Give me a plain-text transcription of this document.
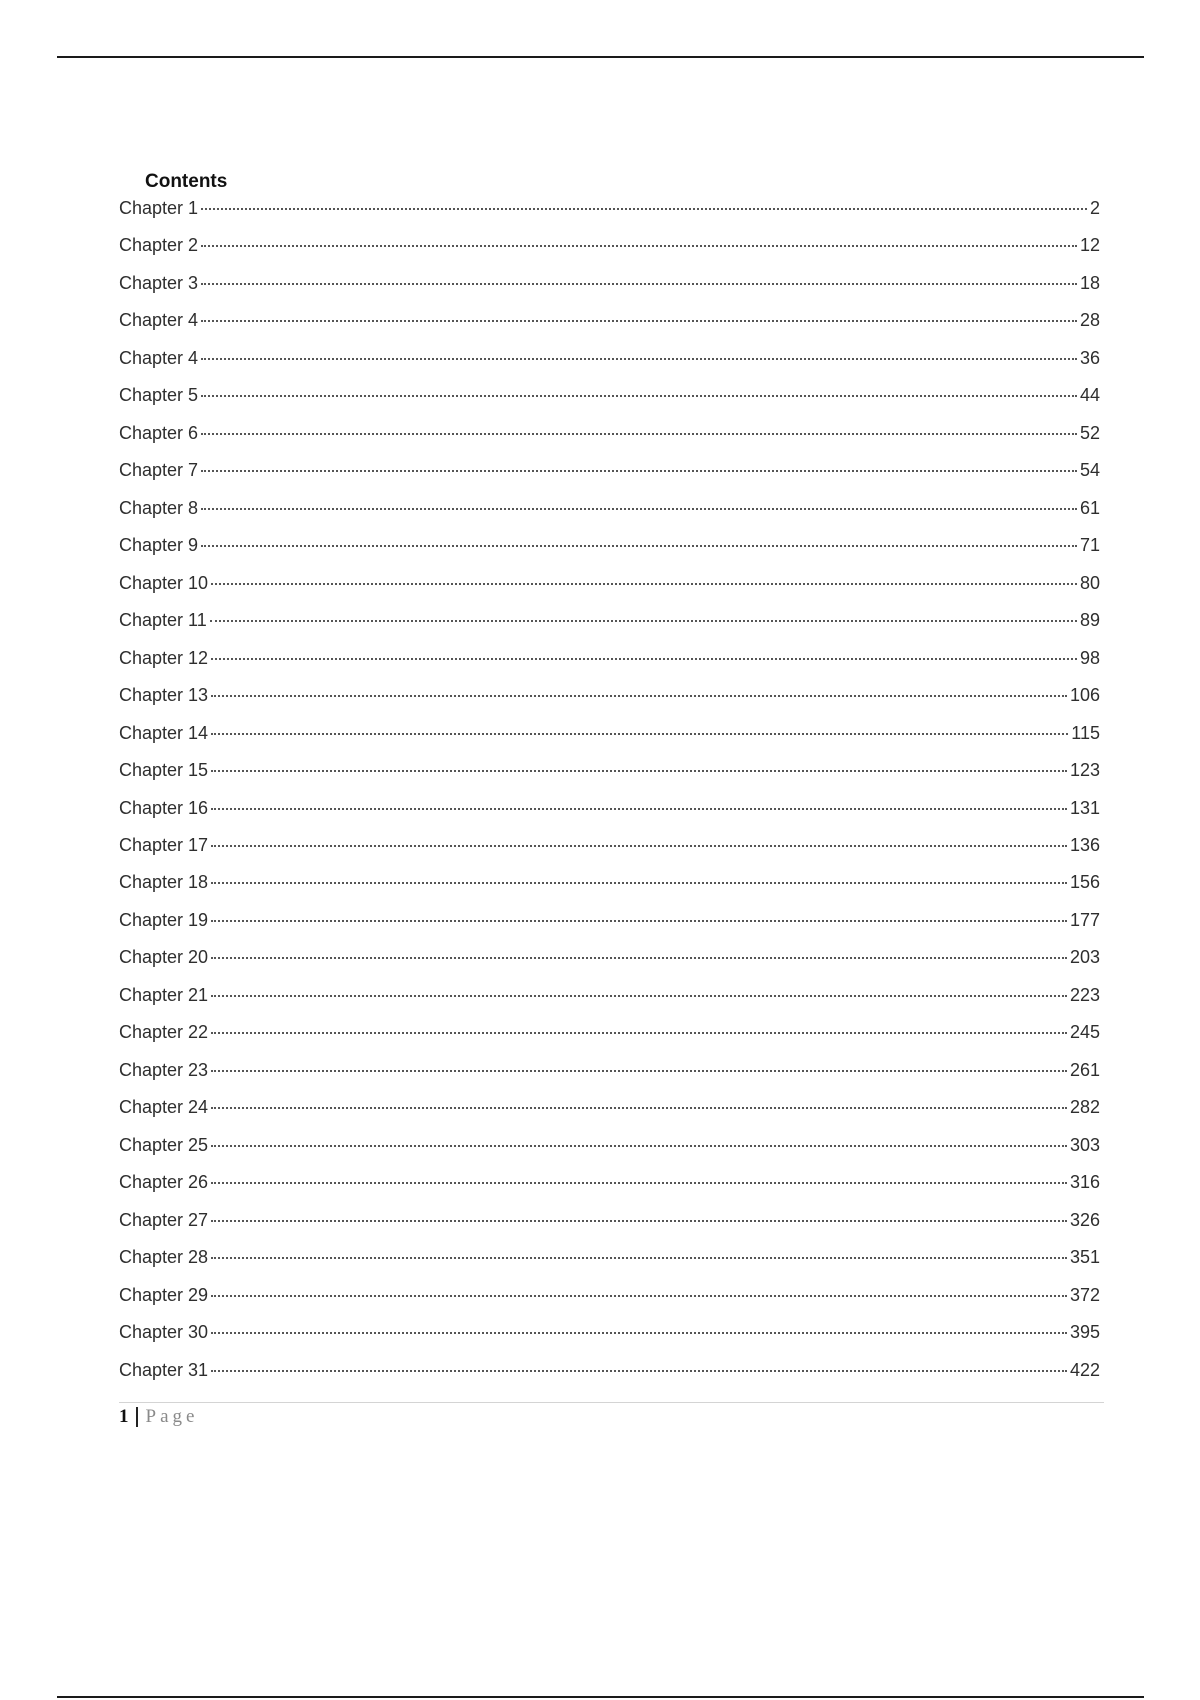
Contents
Chapter 1	2
Chapter 2	12
Chapter 3	18
Chapter 4	28
Chapter 4	36
Chapter 5	44
Chapter 6	52
Chapter 7	54
Chapter 8	61
Chapter 9	71
Chapter 10	80
Chapter 11	89
Chapter 12	98
Chapter 13	106
Chapter 14	115
Chapter 15	123
Chapter 16	131
Chapter 17	136
Chapter 18	156
Chapter 19	177
Chapter 20	203
Chapter 21	223
Chapter 22	245
Chapter 23	261
Chapter 24	282
Chapter 25	303
Chapter 26	316
Chapter 27	326
Chapter 28	351
Chapter 29	372
Chapter 30	395
Chapter 31	422
1 Page
